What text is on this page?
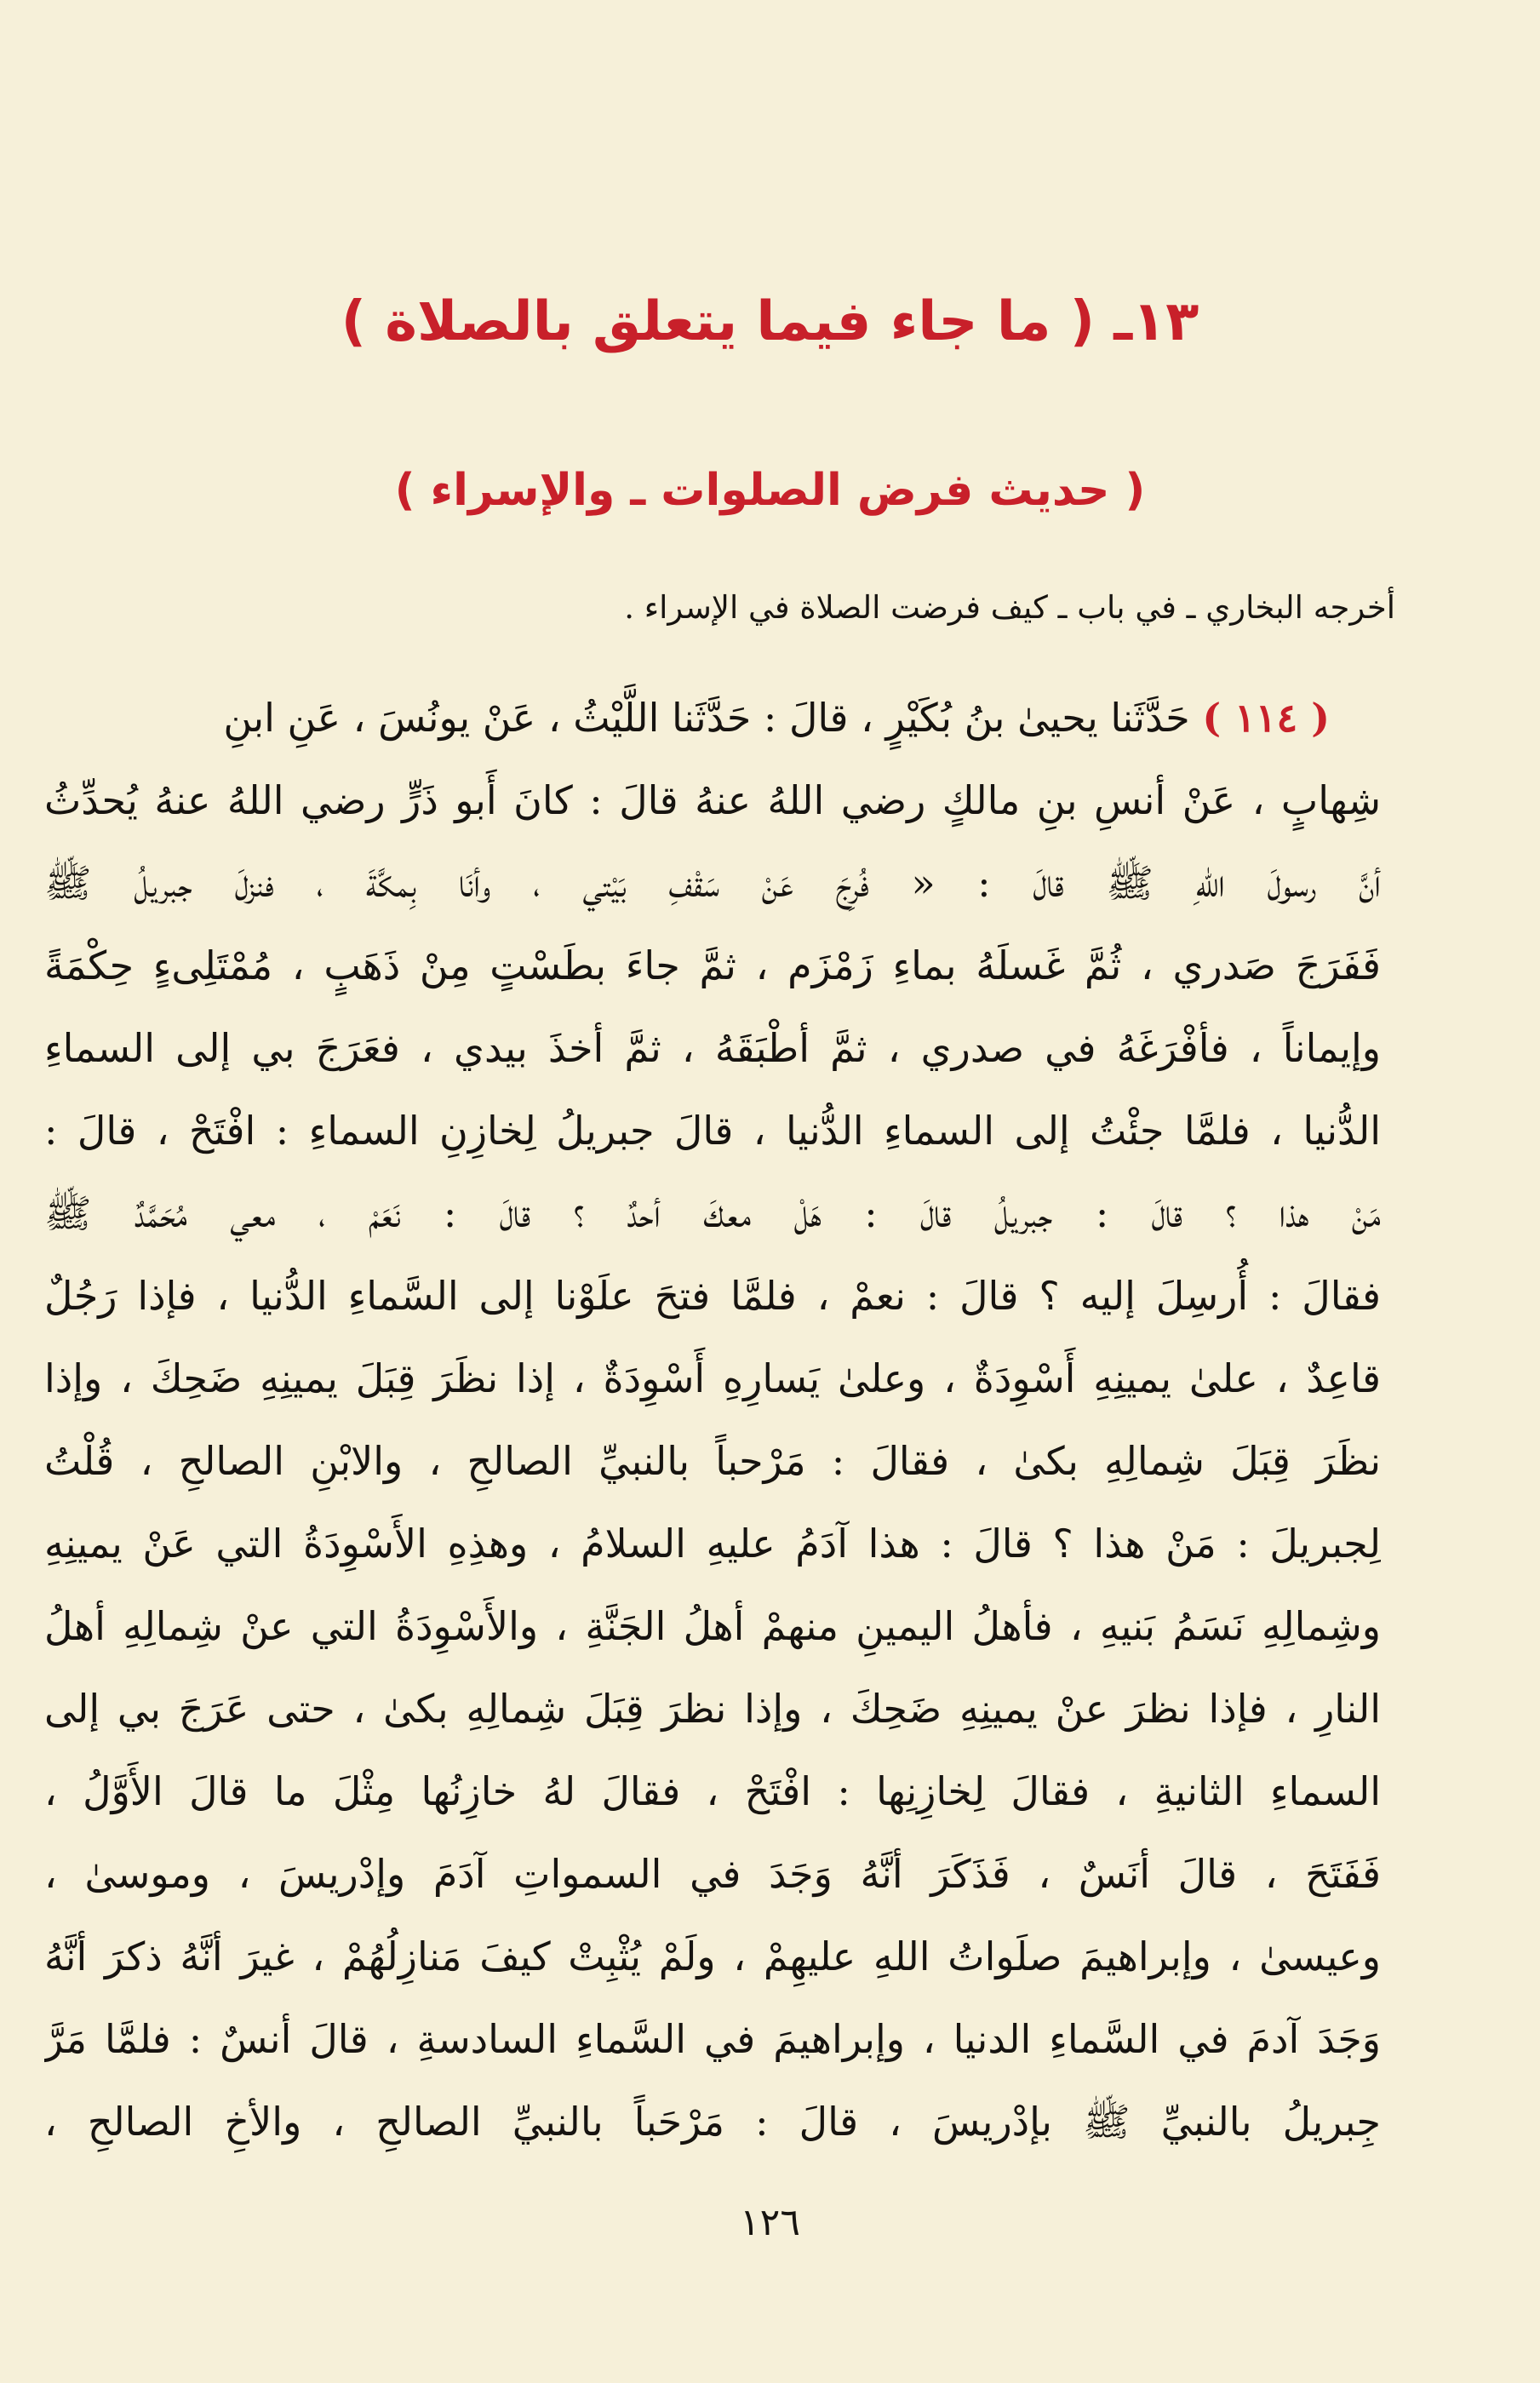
١٣ـ ( ما جاء فيما يتعلق بالصلاة )
( حديث فرض الصلوات ـ والإسراء )
أخرجه البخاري ـ في باب ـ كيف فرضت الصلاة في الإسراء .
( ١١٤ ) حَدَّثَنا يحيىٰ بنُ بُكَيْرٍ ، قالَ : حَدَّثَنا اللَّيْثُ ، عَنْ يونُسَ ، عَنِ ابنِ
شِهابٍ ، عَنْ أنسِ بنِ مالكٍ رضي اللهُ عنهُ قالَ : كانَ أَبو ذَرٍّ رضي اللهُ عنهُ يُحدِّثُ
أنَّ رسولَ اللهِ ﷺ قالَ : « فُرِجَ عَنْ سَقْفِ بَيْتي ، وأنَا بِمكَّةَ ، فنزلَ جبريلُ ﷺ
فَفَرَجَ صَدري ، ثُمَّ غَسلَهُ بماءِ زَمْزَم ، ثمَّ جاءَ بطَسْتٍ مِنْ ذَهَبٍ ، مُمْتَلِىءٍ حِكْمَةً
وإيماناً ، فأفْرَغَهُ في صدري ، ثمَّ أطْبَقَهُ ، ثمَّ أخذَ بيدي ، فعَرَجَ بي إلى السماءِ
الدُّنيا ، فلمَّا جئْتُ إلى السماءِ الدُّنيا ، قالَ جبريلُ لِخازِنِ السماءِ : افْتَحْ ، قالَ :
مَنْ هذا ؟ قالَ : جبريلُ قالَ : هَلْ معكَ أحدٌ ؟ قالَ : نَعَمْ ، معي مُحَمَّدٌ ﷺ
فقالَ : أُرسِلَ إليه ؟ قالَ : نعمْ ، فلمَّا فتحَ علَوْنا إلى السَّماءِ الدُّنيا ، فإذا رَجُلٌ
قاعِدٌ ، علىٰ يمينِهِ أَسْوِدَةٌ ، وعلىٰ يَسارِهِ أَسْوِدَةٌ ، إذا نظَرَ قِبَلَ يمينِهِ ضَحِكَ ، وإذا
نظَرَ قِبَلَ شِمالِهِ بكىٰ ، فقالَ : مَرْحباً بالنبيِّ الصالحِ ، والابْنِ الصالحِ ، قُلْتُ
لِجبريلَ : مَنْ هذا ؟ قالَ : هذا آدَمُ عليهِ السلامُ ، وهذِهِ الأَسْوِدَةُ التي عَنْ يمينِهِ
وشِمالِهِ نَسَمُ بَنيهِ ، فأهلُ اليمينِ منهمْ أهلُ الجَنَّةِ ، والأَسْوِدَةُ التي عنْ شِمالِهِ أهلُ
النارِ ، فإذا نظرَ عنْ يمينِهِ ضَحِكَ ، وإذا نظرَ قِبَلَ شِمالِهِ بكىٰ ، حتى عَرَجَ بي إلى
السماءِ الثانيةِ ، فقالَ لِخازِنِها : افْتَحْ ، فقالَ لهُ خازِنُها مِثْلَ ما قالَ الأَوَّلُ ،
فَفَتَحَ ، قالَ أنَسٌ ، فَذَكَرَ أنَّهُ وَجَدَ في السمواتِ آدَمَ وإدْريسَ ، وموسىٰ ،
وعيسىٰ ، وإبراهيمَ صلَواتُ اللهِ عليهِمْ ، ولَمْ يُثْبِتْ كيفَ مَنازِلُهُمْ ، غيرَ أنَّهُ ذكرَ أنَّهُ
وَجَدَ آدمَ في السَّماءِ الدنيا ، وإبراهيمَ في السَّماءِ السادسةِ ، قالَ أنسٌ : فلمَّا مَرَّ
جِبريلُ بالنبيِّ ﷺ بإدْريسَ ، قالَ : مَرْحَباً بالنبيِّ الصالحِ ، والأخِ الصالحِ ،
١٢٦
